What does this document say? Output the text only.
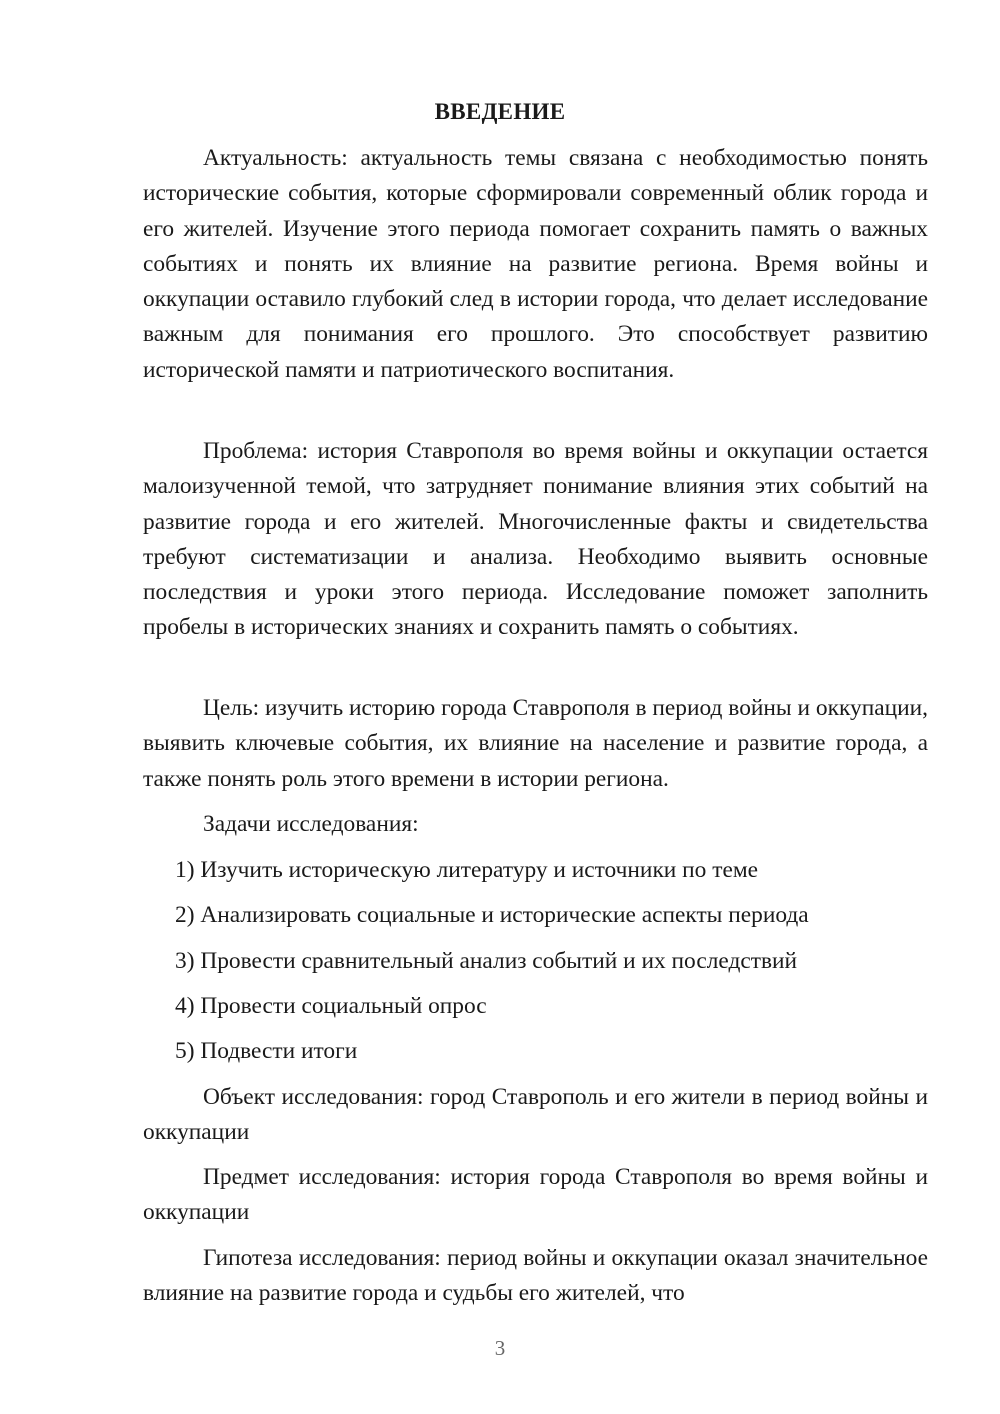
ВВЕДЕНИЕ

Актуальность: актуальность темы связана с необходимостью понять исторические события, которые сформировали современный облик города и его жителей. Изучение этого периода помогает сохранить память о важных событиях и понять их влияние на развитие региона. Время войны и оккупации оставило глубокий след в истории города, что делает исследование важным для понимания его прошлого. Это способствует развитию исторической памяти и патриотического воспитания.

Проблема: история Ставрополя во время войны и оккупации остается малоизученной темой, что затрудняет понимание влияния этих событий на развитие города и его жителей. Многочисленные факты и свидетельства требуют систематизации и анализа. Необходимо выявить основные последствия и уроки этого периода. Исследование поможет заполнить пробелы в исторических знаниях и сохранить память о событиях.

Цель: изучить историю города Ставрополя в период войны и оккупации, выявить ключевые события, их влияние на население и развитие города, а также понять роль этого времени в истории региона.

Задачи исследования:

1) Изучить историческую литературу и источники по теме

2) Анализировать социальные и исторические аспекты периода

3) Провести сравнительный анализ событий и их последствий

4) Провести социальный опрос

5) Подвести итоги

Объект исследования: город Ставрополь и его жители в период войны и оккупации

Предмет исследования: история города Ставрополя во время войны и оккупации

Гипотеза исследования: период войны и оккупации оказал значительное влияние на развитие города и судьбы его жителей, что

3
